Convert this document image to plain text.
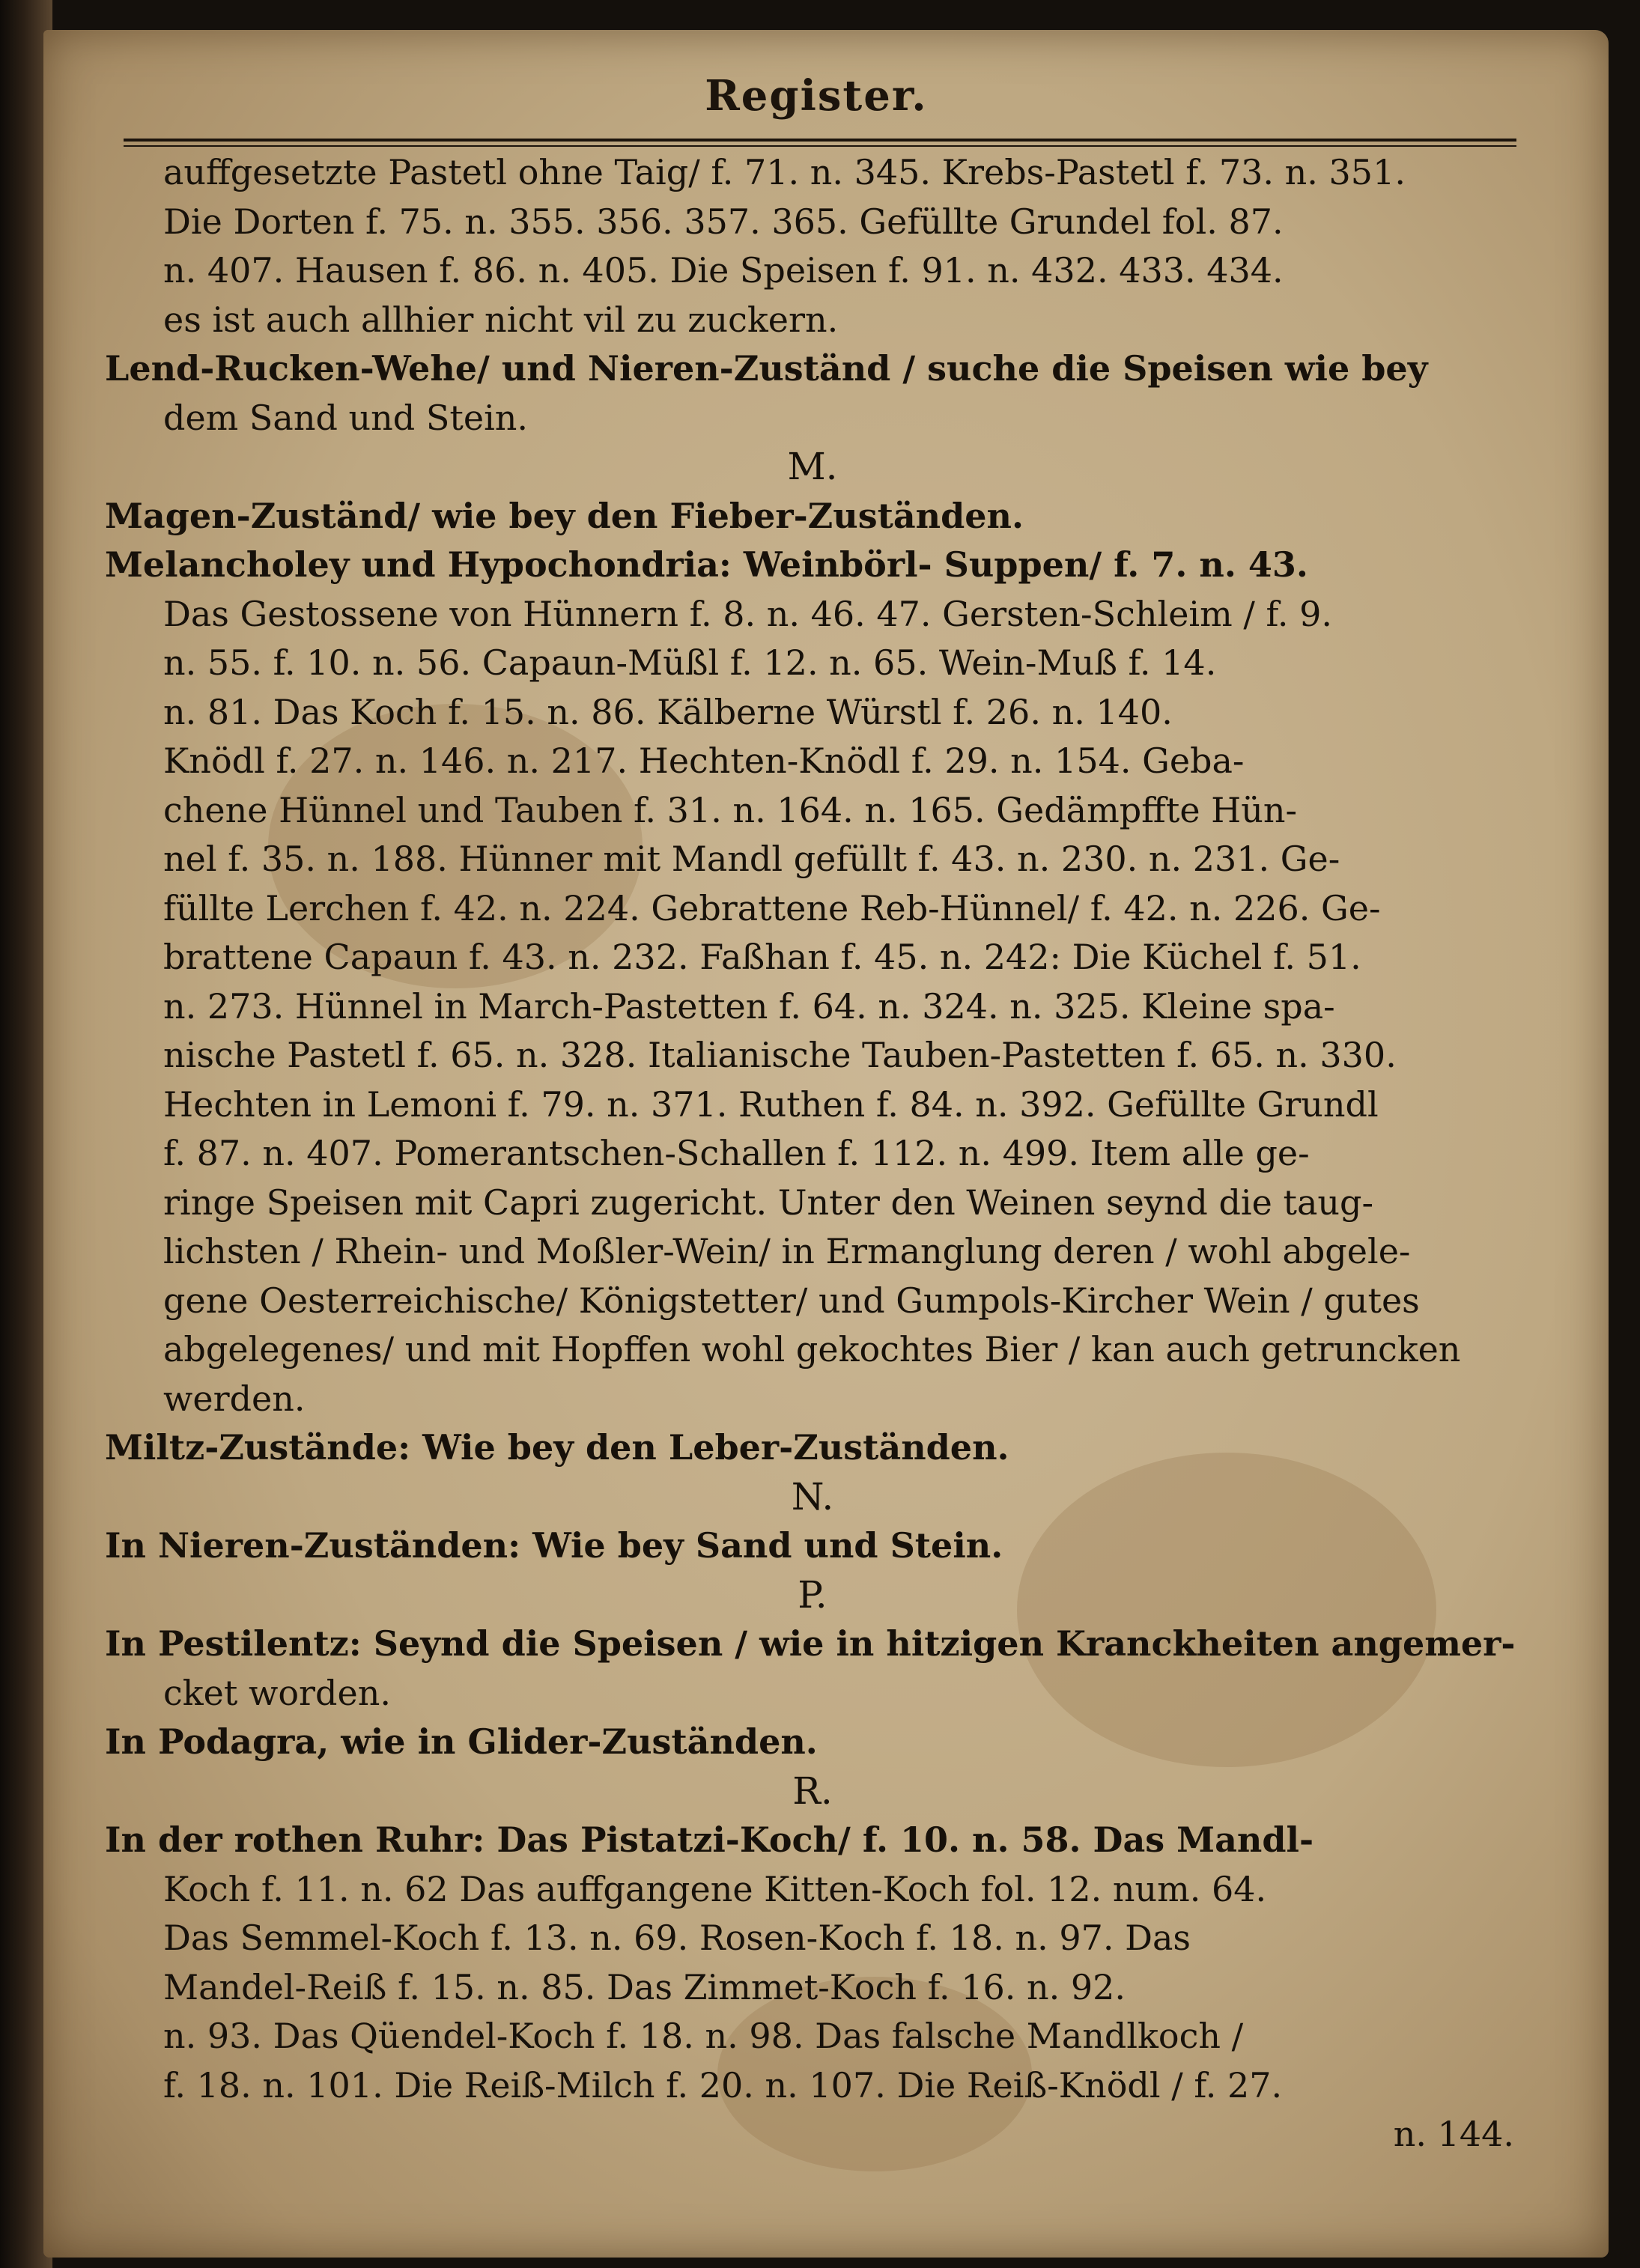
Register.
auffgesetzte Pastetl ohne Taig/ f. 71. n. 345. Krebs-Pastetl f. 73. n. 351.
Die Dorten f. 75. n. 355. 356. 357. 365. Gefüllte Grundel fol. 87.
n. 407. Hausen f. 86. n. 405. Die Speisen f. 91. n. 432. 433. 434.
es ist auch allhier nicht vil zu zuckern.
Lend-Rucken-Wehe/ und Nieren-Zuständ / suche die Speisen wie bey
dem Sand und Stein.
M.
Magen-Zuständ/ wie bey den Fieber-Zuständen.
Melancholey und Hypochondria: Weinbörl- Suppen/ f. 7. n. 43.
Das Gestossene von Hünnern f. 8. n. 46. 47. Gersten-Schleim / f. 9.
n. 55. f. 10. n. 56. Capaun-Müßl f. 12. n. 65. Wein-Muß f. 14.
n. 81. Das Koch f. 15. n. 86. Kälberne Würstl f. 26. n. 140.
Knödl f. 27. n. 146. n. 217. Hechten-Knödl f. 29. n. 154. Geba-
chene Hünnel und Tauben f. 31. n. 164. n. 165. Gedämpffte Hün-
nel f. 35. n. 188. Hünner mit Mandl gefüllt f. 43. n. 230. n. 231. Ge-
füllte Lerchen f. 42. n. 224. Gebrattene Reb-Hünnel/ f. 42. n. 226. Ge-
brattene Capaun f. 43. n. 232. Faßhan f. 45. n. 242: Die Küchel f. 51.
n. 273. Hünnel in March-Pastetten f. 64. n. 324. n. 325. Kleine spa-
nische Pastetl f. 65. n. 328. Italianische Tauben-Pastetten f. 65. n. 330.
Hechten in Lemoni f. 79. n. 371. Ruthen f. 84. n. 392. Gefüllte Grundl
f. 87. n. 407. Pomerantschen-Schallen f. 112. n. 499. Item alle ge-
ringe Speisen mit Capri zugericht. Unter den Weinen seynd die taug-
lichsten / Rhein- und Moßler-Wein/ in Ermanglung deren / wohl abgele-
gene Oesterreichische/ Königstetter/ und Gumpols-Kircher Wein / gutes
abgelegenes/ und mit Hopffen wohl gekochtes Bier / kan auch getruncken
werden.
Miltz-Zustände: Wie bey den Leber-Zuständen.
N.
In Nieren-Zuständen: Wie bey Sand und Stein.
P.
In Pestilentz: Seynd die Speisen / wie in hitzigen Kranckheiten angemer-
cket worden.
In Podagra, wie in Glider-Zuständen.
R.
In der rothen Ruhr: Das Pistatzi-Koch/ f. 10. n. 58. Das Mandl-
Koch f. 11. n. 62 Das auffgangene Kitten-Koch fol. 12. num. 64.
Das Semmel-Koch f. 13. n. 69. Rosen-Koch f. 18. n. 97. Das
Mandel-Reiß f. 15. n. 85. Das Zimmet-Koch f. 16. n. 92.
n. 93. Das Qüendel-Koch f. 18. n. 98. Das falsche Mandlkoch /
f. 18. n. 101. Die Reiß-Milch f. 20. n. 107. Die Reiß-Knödl / f. 27.
n. 144.
